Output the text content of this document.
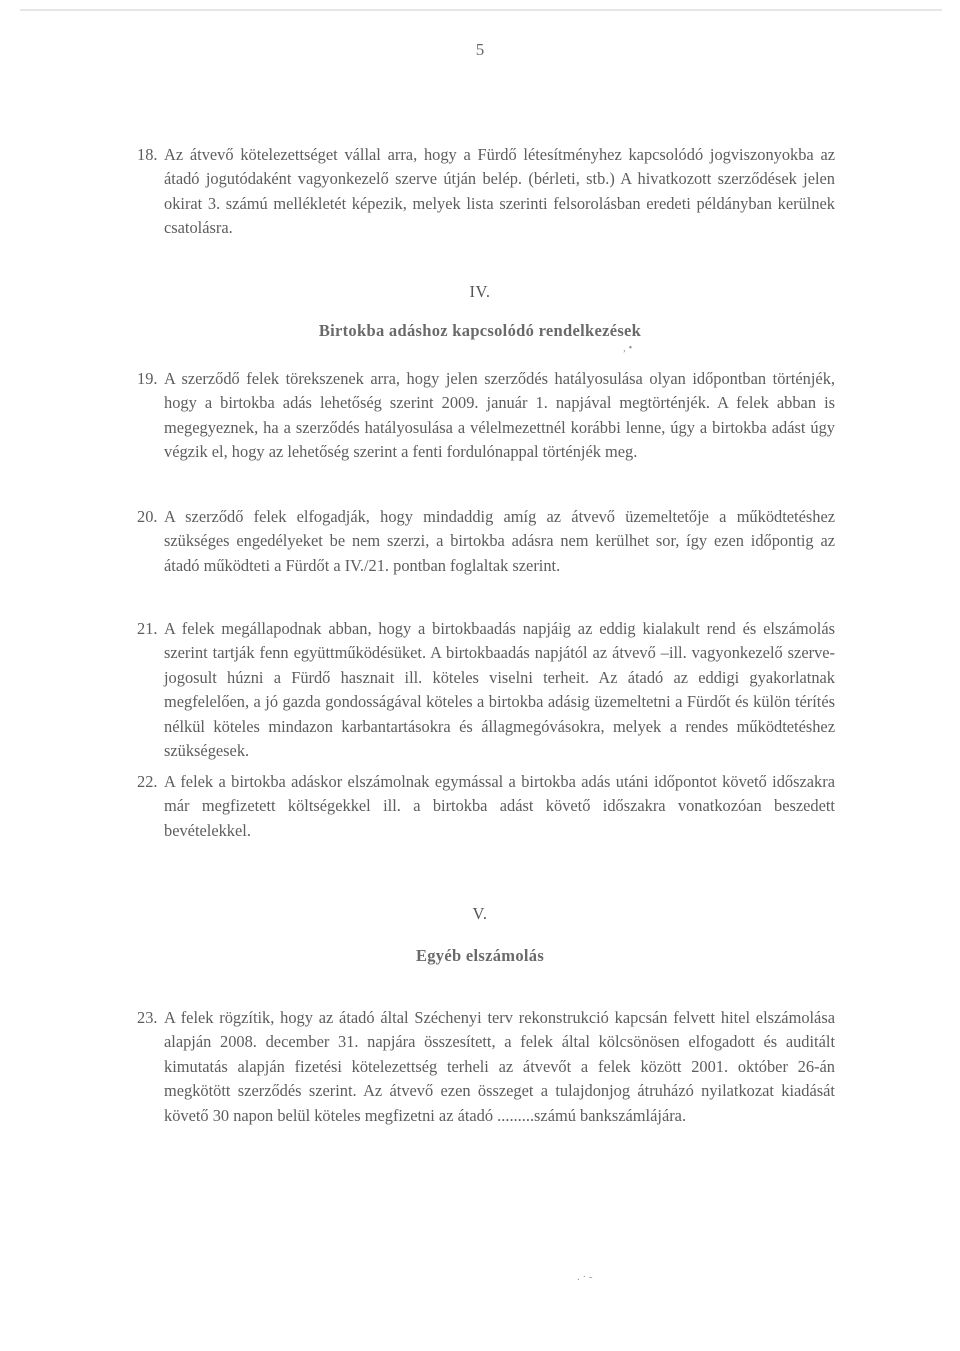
5
18. Az átvevő kötelezettséget vállal arra, hogy a Fürdő létesítményhez kapcsolódó jogviszonyokba az átadó jogutódaként vagyonkezelő szerve útján belép. (bérleti, stb.) A hivatkozott szerződések jelen okirat 3. számú mellékletét képezik, melyek lista szerinti felsorolásban eredeti példányban kerülnek csatolásra.
IV.
Birtokba adáshoz kapcsolódó rendelkezések
, •
19. A szerződő felek törekszenek arra, hogy jelen szerződés hatályosulása olyan időpontban történjék, hogy a birtokba adás lehetőség szerint 2009. január 1. napjával megtörténjék. A felek abban is megegyeznek, ha a szerződés hatályosulása a vélelmezettnél korábbi lenne, úgy a birtokba adást úgy végzik el, hogy az lehetőség szerint a fenti fordulónappal történjék meg.
20. A szerződő felek elfogadják, hogy mindaddig amíg az átvevő üzemeltetője a működtetéshez szükséges engedélyeket be nem szerzi, a birtokba adásra nem kerülhet sor, így ezen időpontig az átadó működteti a Fürdőt a IV./21. pontban foglaltak szerint.
21. A felek megállapodnak abban, hogy a birtokbaadás napjáig az eddig kialakult rend és elszámolás szerint tartják fenn együttműködésüket. A birtokbaadás napjától az átvevő –ill. vagyonkezelő szerve- jogosult húzni a Fürdő hasznait ill. köteles viselni terheit. Az átadó az eddigi gyakorlatnak megfelelően, a jó gazda gondosságával köteles a birtokba adásig üzemeltetni a Fürdőt és külön térítés nélkül köteles mindazon karbantartásokra és állagmegóvásokra, melyek a rendes működtetéshez szükségesek.
22. A felek a birtokba adáskor elszámolnak egymással a birtokba adás utáni időpontot követő időszakra már megfizetett költségekkel ill. a birtokba adást követő időszakra vonatkozóan beszedett bevételekkel.
V.
Egyéb elszámolás
23. A felek rögzítik, hogy az átadó által Széchenyi terv rekonstrukció kapcsán felvett hitel elszámolása alapján 2008. december 31. napjára összesített, a felek által kölcsönösen elfogadott és auditált kimutatás alapján fizetési kötelezettség terheli az átvevőt a felek között 2001. október 26-án megkötött szerződés szerint. Az átvevő ezen összeget a tulajdonjog átruházó nyilatkozat kiadását követő 30 napon belül köteles megfizetni az átadó .........számú bankszámlájára.
. · -
